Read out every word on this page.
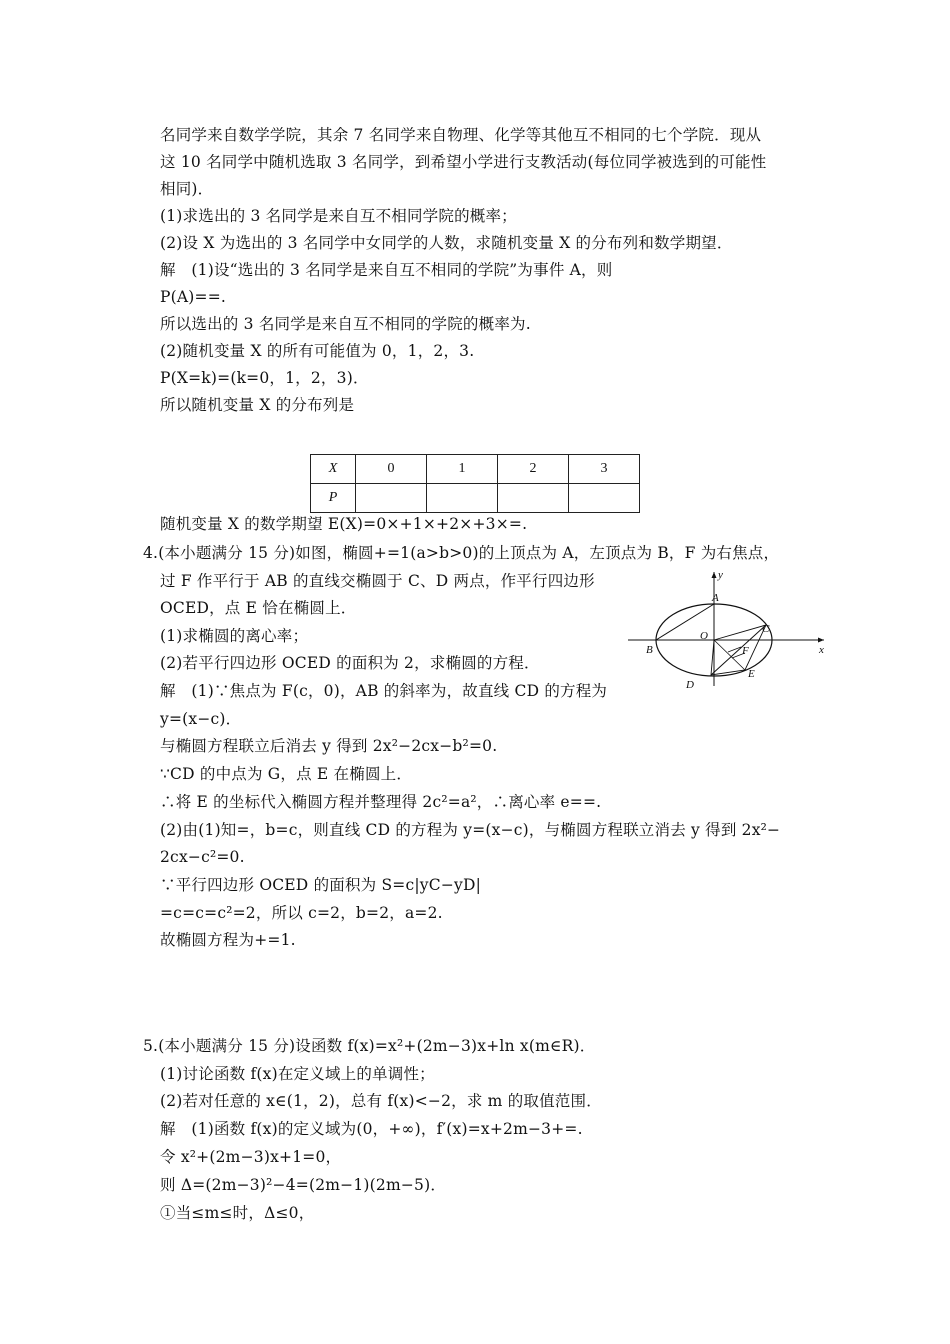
名同学来自数学学院，其余 7 名同学来自物理、化学等其他互不相同的七个学院．现从
这 10 名同学中随机选取 3 名同学，到希望小学进行支教活动(每位同学被选到的可能性
相同)．
(1)求选出的 3 名同学是来自互不相同学院的概率；
(2)设 X 为选出的 3 名同学中女同学的人数，求随机变量 X 的分布列和数学期望．
解　(1)设“选出的 3 名同学是来自互不相同的学院”为事件 A，则
P(A)==.
所以选出的 3 名同学是来自互不相同的学院的概率为.
(2)随机变量 X 的所有可能值为 0，1，2，3.
P(X=k)=(k=0，1，2，3)．
所以随机变量 X 的分布列是
X	0	1	2	3
P				
随机变量 X 的数学期望 E(X)=0×+1×+2×+3×=.
4.(本小题满分 15 分)如图，椭圆+=1(a>b>0)的上顶点为 A，左顶点为 B，F 为右焦点，
过 F 作平行于 AB 的直线交椭圆于 C、D 两点，作平行四边形
OCED，点 E 恰在椭圆上．
(1)求椭圆的离心率；
(2)若平行四边形 OCED 的面积为 2，求椭圆的方程．
解　(1)∵焦点为 F(c，0)，AB 的斜率为，故直线 CD 的方程为
y=(x−c)．
与椭圆方程联立后消去 y 得到 2x²−2cx−b²=0.
∵CD 的中点为 G，点 E 在椭圆上．
∴将 E 的坐标代入椭圆方程并整理得 2c²=a²，∴离心率 e==.
(2)由(1)知=，b=c，则直线 CD 的方程为 y=(x−c)，与椭圆方程联立消去 y 得到 2x²−
2cx−c²=0.
∵平行四边形 OCED 的面积为 S=c|yC−yD|
=c=c=c²=2，所以 c=2，b=2，a=2.
故椭圆方程为+=1.
y
x
A
B
C
D
E
F
O
5.(本小题满分 15 分)设函数 f(x)=x²+(2m−3)x+ln x(m∈R)．
(1)讨论函数 f(x)在定义域上的单调性；
(2)若对任意的 x∈(1，2)，总有 f(x)<−2，求 m 的取值范围．
解　(1)函数 f(x)的定义域为(0，+∞)，f′(x)=x+2m−3+=.
令 x²+(2m−3)x+1=0，
则 Δ=(2m−3)²−4=(2m−1)(2m−5)．
①当≤m≤时，Δ≤0，
